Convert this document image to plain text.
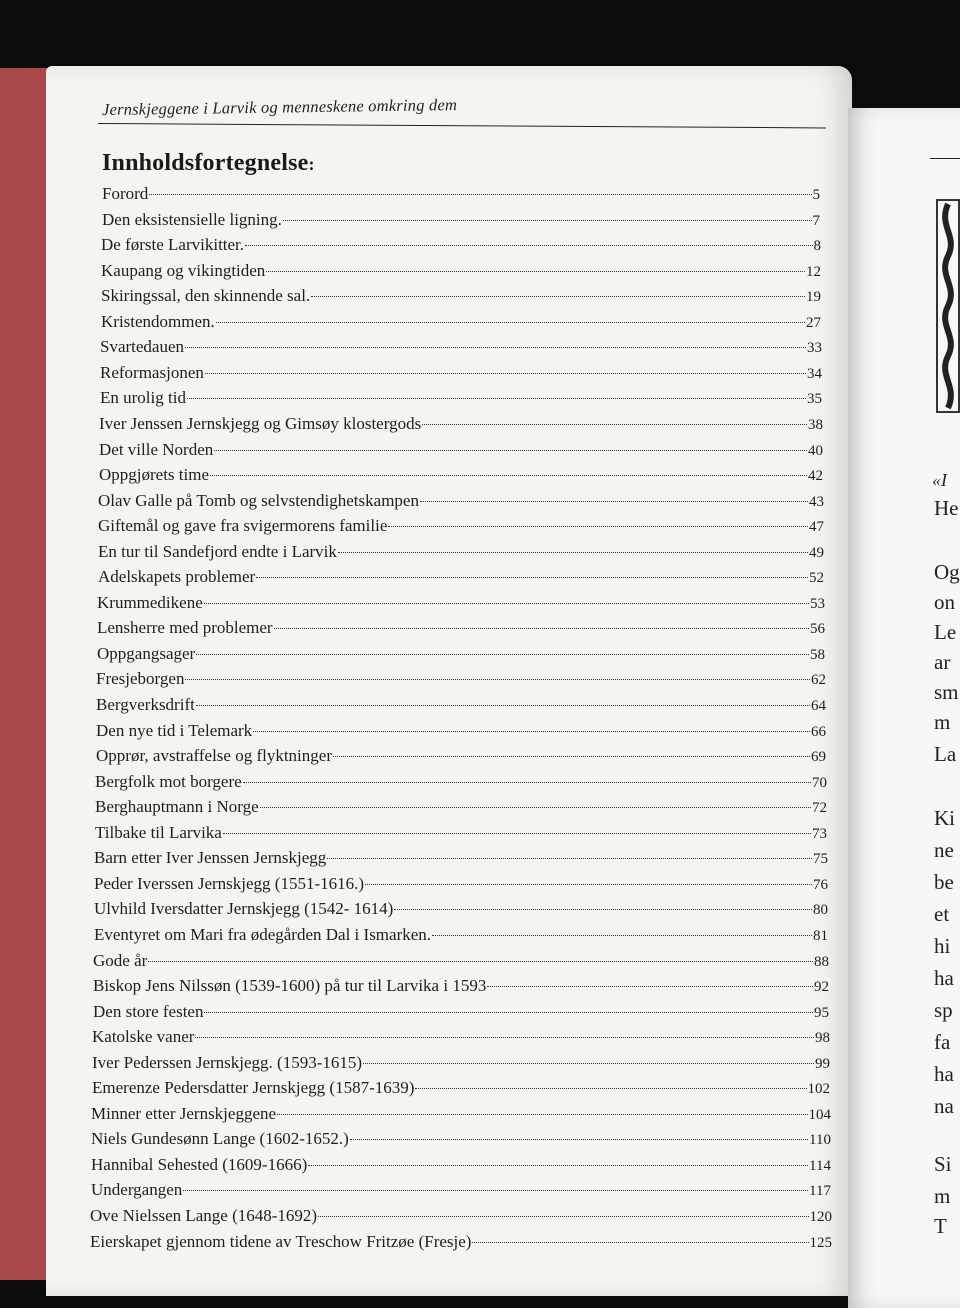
Jernskjeggene i Larvik og menneskene omkring dem
Innholdsfortegnelse:
Forord	5
Den eksistensielle ligning.	7
De første Larvikitter.	8
Kaupang og vikingtiden	12
Skiringssal, den skinnende sal.	19
Kristendommen.	27
Svartedauen	33
Reformasjonen	34
En urolig tid	35
Iver Jenssen Jernskjegg og Gimsøy klostergods	38
Det ville Norden	40
Oppgjørets time	42
Olav Galle på Tomb og selvstendighetskampen	43
Giftemål og gave fra svigermorens familie	47
En tur til Sandefjord endte i Larvik	49
Adelskapets problemer	52
Krummedikene	53
Lensherre med problemer	56
Oppgangsager	58
Fresjeborgen	62
Bergverksdrift	64
Den nye tid i Telemark	66
Opprør, avstraffelse og flyktninger	69
Bergfolk mot borgere	70
Berghauptmann i Norge	72
Tilbake til Larvika	73
Barn etter Iver Jenssen Jernskjegg	75
Peder Iverssen Jernskjegg (1551-1616.)	76
Ulvhild Iversdatter Jernskjegg (1542- 1614)	80
Eventyret om Mari fra ødegården Dal i Ismarken.	81
Gode år	88
Biskop Jens Nilssøn (1539-1600) på tur til Larvika i 1593	92
Den store festen	95
Katolske vaner	98
Iver Pederssen Jernskjegg. (1593-1615)	99
Emerenze Pedersdatter Jernskjegg (1587-1639)	102
Minner etter Jernskjeggene	104
Niels Gundesønn Lange (1602-1652.)	110
Hannibal Sehested (1609-1666)	114
Undergangen	117
Ove Nielssen Lange (1648-1692)	120
Eierskapet gjennom tidene av Treschow Fritzøe (Fresje)	125
«I
He
Og
on
Le
ar
sm
m
La
Ki
ne
be
et
hi
ha
sp
fa
ha
na
Si
m
T
